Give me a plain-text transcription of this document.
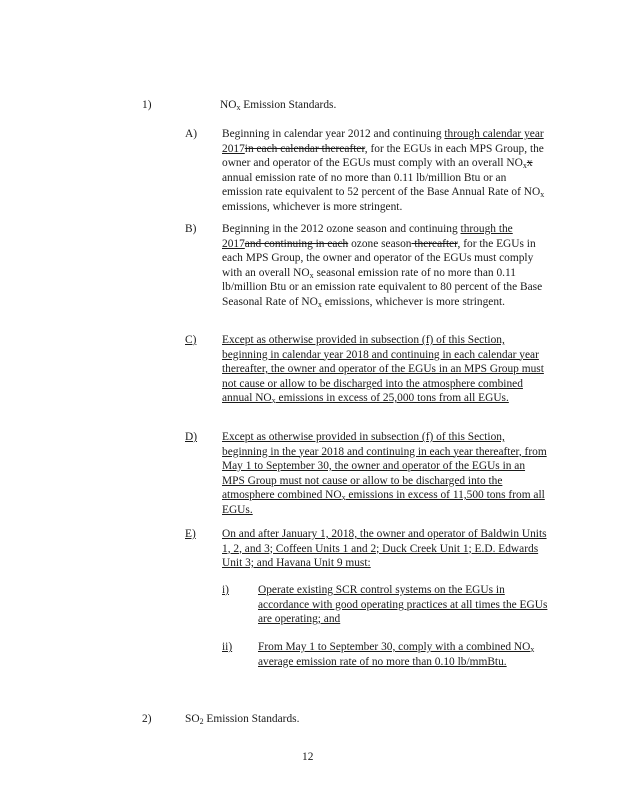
1)	$NO_x$ Emission Standards.
A) Beginning in calendar year 2012 and continuing through calendar year 2017in each calendar thereafter, for the EGUs in each MPS Group, the owner and operator of the EGUs must comply with an overall $NO_xx$ annual emission rate of no more than 0.11 lb/million Btu or an emission rate equivalent to 52 percent of the Base Annual Rate of $NO_x$ emissions, whichever is more stringent.
B) Beginning in the 2012 ozone season and continuing through the 2017and continuing in each ozone season thereafter, for the EGUs in each MPS Group, the owner and operator of the EGUs must comply with an overall $NO_x$ seasonal emission rate of no more than 0.11 lb/million Btu or an emission rate equivalent to 80 percent of the Base Seasonal Rate of $NO_x$ emissions, whichever is more stringent.
C) Except as otherwise provided in subsection (f) of this Section, beginning in calendar year 2018 and continuing in each calendar year thereafter, the owner and operator of the EGUs in an MPS Group must not cause or allow to be discharged into the atmosphere combined annual $NO_x$ emissions in excess of 25,000 tons from all EGUs.
D) Except as otherwise provided in subsection (f) of this Section, beginning in the year 2018 and continuing in each year thereafter, from May 1 to September 30, the owner and operator of the EGUs in an MPS Group must not cause or allow to be discharged into the atmosphere combined $NO_x$ emissions in excess of 11,500 tons from all EGUs.
E) On and after January 1, 2018, the owner and operator of Baldwin Units 1, 2, and 3; Coffeen Units 1 and 2; Duck Creek Unit 1; E.D. Edwards Unit 3; and Havana Unit 9 must:
i)	Operate existing SCR control systems on the EGUs in accordance with good operating practices at all times the EGUs are operating; and
ii) From May 1 to September 30, comply with a combined $NO_x$ average emission rate of no more than 0.10 lb/mmBtu.
2)	$SO_2$ Emission Standards.
12
